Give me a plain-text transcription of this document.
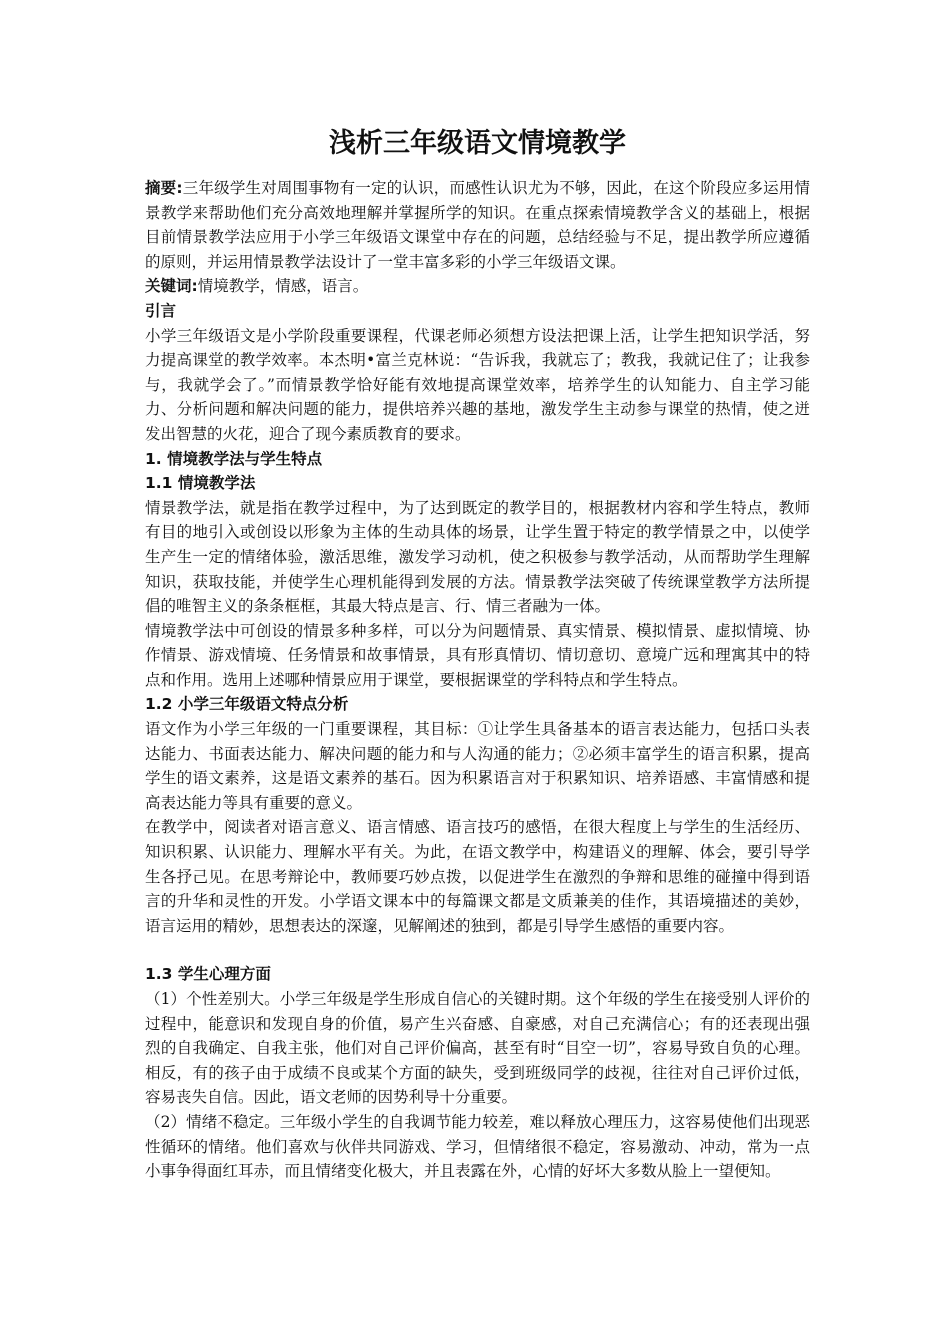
浅析三年级语文情境教学

摘要:三年级学生对周围事物有一定的认识，而感性认识尤为不够，因此，在这个阶段应多运用情景教学来帮助他们充分高效地理解并掌握所学的知识。在重点探索情境教学含义的基础上，根据目前情景教学法应用于小学三年级语文课堂中存在的问题，总结经验与不足，提出教学所应遵循的原则，并运用情景教学法设计了一堂丰富多彩的小学三年级语文课。

关键词:情境教学，情感，语言。

引言

小学三年级语文是小学阶段重要课程，代课老师必须想方设法把课上活，让学生把知识学活，努力提高课堂的教学效率。本杰明•富兰克林说：“告诉我，我就忘了；教我，我就记住了；让我参与，我就学会了。”而情景教学恰好能有效地提高课堂效率，培养学生的认知能力、自主学习能力、分析问题和解决问题的能力，提供培养兴趣的基地，激发学生主动参与课堂的热情，使之迸发出智慧的火花，迎合了现今素质教育的要求。

1. 情境教学法与学生特点

1.1 情境教学法

情景教学法，就是指在教学过程中，为了达到既定的教学目的，根据教材内容和学生特点，教师有目的地引入或创设以形象为主体的生动具体的场景，让学生置于特定的教学情景之中，以使学生产生一定的情绪体验，激活思维，激发学习动机，使之积极参与教学活动，从而帮助学生理解知识，获取技能，并使学生心理机能得到发展的方法。情景教学法突破了传统课堂教学方法所提倡的唯智主义的条条框框，其最大特点是言、行、情三者融为一体。

情境教学法中可创设的情景多种多样，可以分为问题情景、真实情景、模拟情景、虚拟情境、协作情景、游戏情境、任务情景和故事情景，具有形真情切、情切意切、意境广远和理寓其中的特点和作用。选用上述哪种情景应用于课堂，要根据课堂的学科特点和学生特点。

1.2 小学三年级语文特点分析

语文作为小学三年级的一门重要课程，其目标：①让学生具备基本的语言表达能力，包括口头表达能力、书面表达能力、解决问题的能力和与人沟通的能力；②必须丰富学生的语言积累，提高学生的语文素养，这是语文素养的基石。因为积累语言对于积累知识、培养语感、丰富情感和提高表达能力等具有重要的意义。

在教学中，阅读者对语言意义、语言情感、语言技巧的感悟，在很大程度上与学生的生活经历、知识积累、认识能力、理解水平有关。为此，在语文教学中，构建语义的理解、体会，要引导学生各抒己见。在思考辩论中，教师要巧妙点拨，以促进学生在激烈的争辩和思维的碰撞中得到语言的升华和灵性的开发。小学语文课本中的每篇课文都是文质兼美的佳作，其语境描述的美妙，语言运用的精妙，思想表达的深邃，见解阐述的独到，都是引导学生感悟的重要内容。

1.3 学生心理方面

（1）个性差别大。小学三年级是学生形成自信心的关键时期。这个年级的学生在接受别人评价的过程中，能意识和发现自身的价值，易产生兴奋感、自豪感，对自己充满信心；有的还表现出强烈的自我确定、自我主张，他们对自己评价偏高，甚至有时“目空一切”，容易导致自负的心理。相反，有的孩子由于成绩不良或某个方面的缺失，受到班级同学的歧视，往往对自己评价过低，容易丧失自信。因此，语文老师的因势利导十分重要。

（2）情绪不稳定。三年级小学生的自我调节能力较差，难以释放心理压力，这容易使他们出现恶性循环的情绪。他们喜欢与伙伴共同游戏、学习，但情绪很不稳定，容易激动、冲动，常为一点小事争得面红耳赤，而且情绪变化极大，并且表露在外，心情的好坏大多数从脸上一望便知。
